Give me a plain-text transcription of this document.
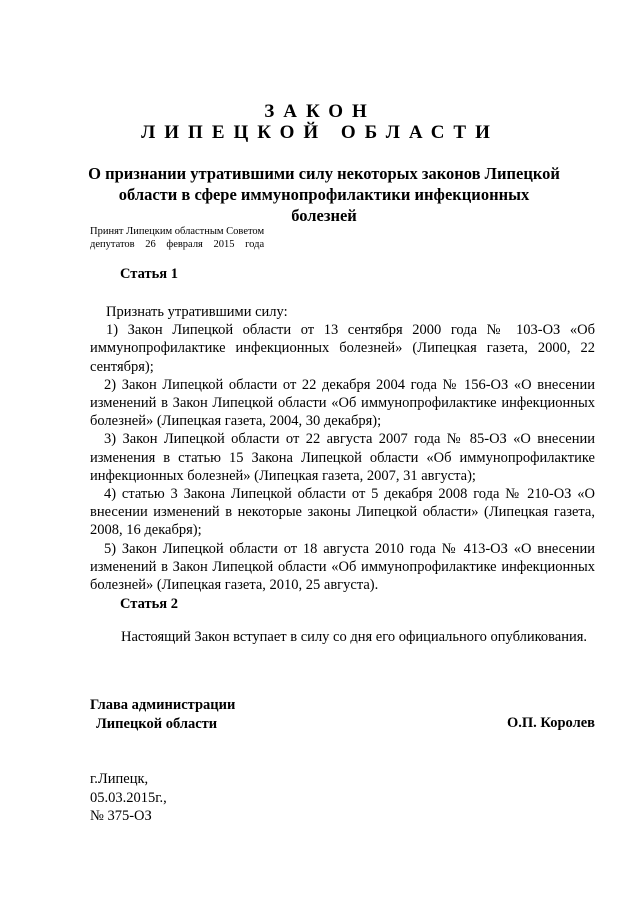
ЗАКОН
ЛИПЕЦКОЙ ОБЛАСТИ
О признании утратившими силу некоторых законов Липецкой
области в сфере иммунопрофилактики инфекционных болезней
Принят Липецким областным Советом
депутатов 26 февраля 2015 года
Статья 1

Признать утратившими силу:

1) Закон Липецкой области от 13 сентября 2000 года № 103-ОЗ «Об иммунопрофилактике инфекционных болезней» (Липецкая газета, 2000, 22 сентября);

2) Закон Липецкой области от 22 декабря 2004 года № 156-ОЗ «О внесении изменений в Закон Липецкой области «Об иммунопрофилактике инфекционных болезней» (Липецкая газета, 2004, 30 декабря);

3) Закон Липецкой области от 22 августа 2007 года № 85-ОЗ «О внесении изменения в статью 15 Закона Липецкой области «Об иммунопрофилактике инфекционных болезней» (Липецкая газета, 2007, 31 августа);

4) статью 3 Закона Липецкой области от 5 декабря 2008 года № 210-ОЗ «О внесении изменений в некоторые законы Липецкой области» (Липецкая газета, 2008, 16 декабря);

5) Закон Липецкой области от 18 августа 2010 года № 413-ОЗ «О внесении изменений в Закон Липецкой области «Об иммунопрофилактике инфекционных болезней» (Липецкая газета, 2010, 25 августа).

Статья 2

Настоящий Закон вступает в силу со дня его официального опубликования.

Глава администрации
Липецкой области	О.П. Королев
г.Липецк,
05.03.2015г.,
№ 375-ОЗ
